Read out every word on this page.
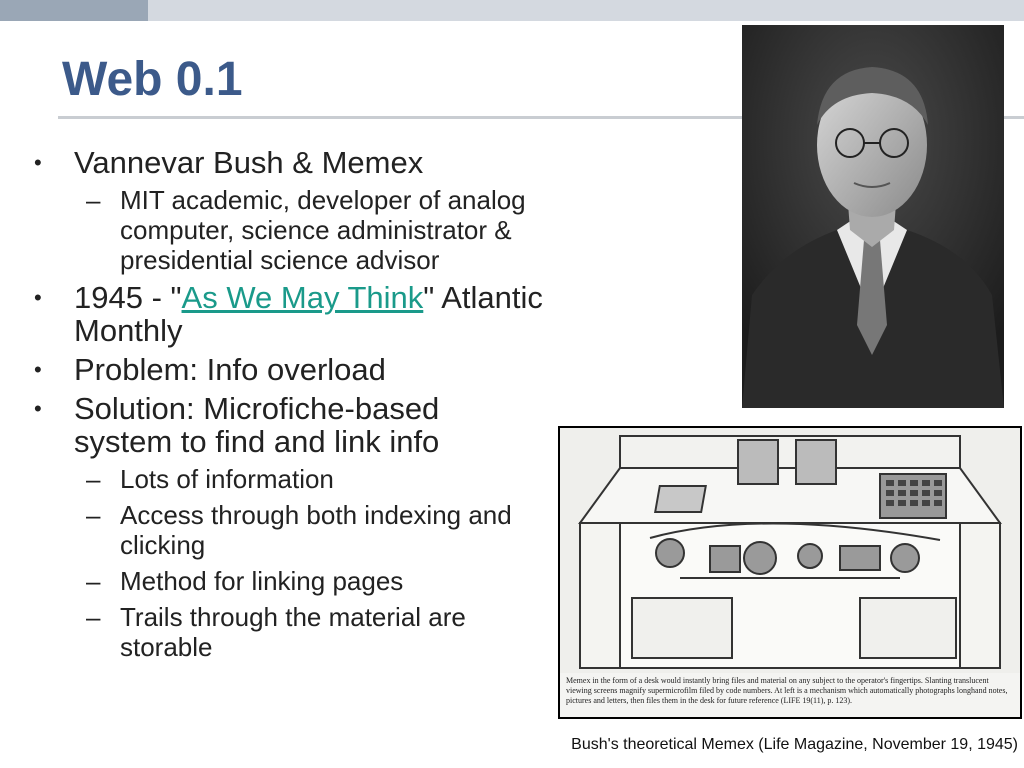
Web 0.1
• Vannevar Bush & Memex
– MIT academic, developer of analog computer, science administrator & presidential science advisor
• 1945 - "As We May Think" Atlantic Monthly
• Problem: Info overload
• Solution: Microfiche-based system to find and link info
– Lots of information
– Access through both indexing and clicking
– Method for linking pages
– Trails through the material are storable
Memex in the form of a desk would instantly bring files and material on any subject to the operator's fingertips. Slanting translucent viewing screens magnify supermicrofilm filed by code numbers. At left is a mechanism which automatically photographs longhand notes, pictures and letters, then files them in the desk for future reference (LIFE 19(11), p. 123).
Bush's theoretical Memex (Life Magazine, November 19, 1945)
